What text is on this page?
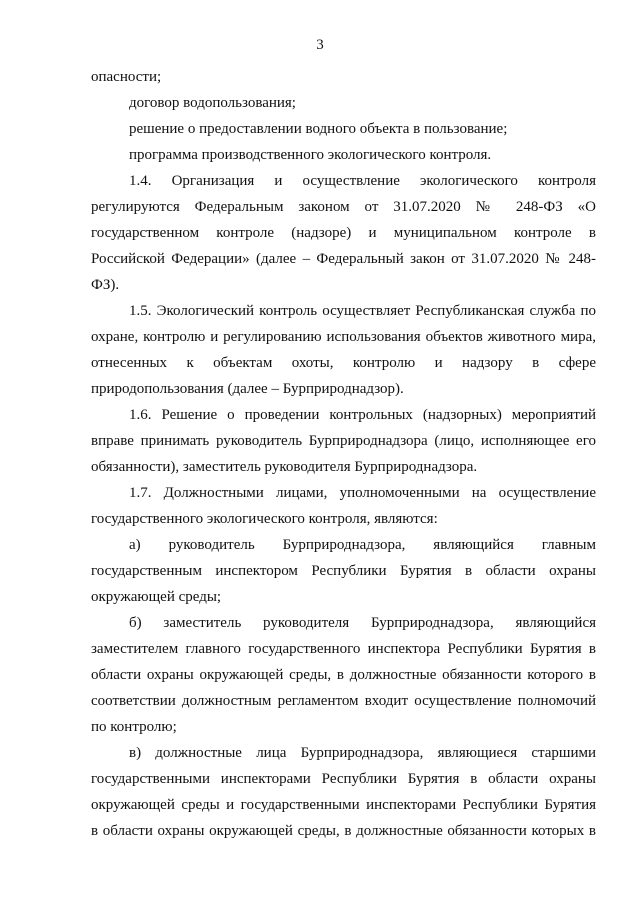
3
опасности;
договор водопользования;
решение о предоставлении водного объекта в пользование;
программа производственного экологического контроля.
1.4. Организация и осуществление экологического контроля
регулируются Федеральным законом от 31.07.2020 № 248-ФЗ «О
государственном контроле (надзоре) и муниципальном контроле в
Российской Федерации» (далее – Федеральный закон от 31.07.2020 № 248-
ФЗ).
1.5. Экологический контроль осуществляет Республиканская служба по
охране, контролю и регулированию использования объектов животного мира,
отнесенных к объектам охоты, контролю и надзору в сфере
природопользования (далее – Бурприроднадзор).
1.6. Решение о проведении контрольных (надзорных) мероприятий
вправе принимать руководитель Бурприроднадзора (лицо, исполняющее его
обязанности), заместитель руководителя Бурприроднадзора.
1.7. Должностными лицами, уполномоченными на осуществление
государственного экологического контроля, являются:
а) руководитель Бурприроднадзора, являющийся главным
государственным инспектором Республики Бурятия в области охраны
окружающей среды;
б) заместитель руководителя Бурприроднадзора, являющийся
заместителем главного государственного инспектора Республики Бурятия в
области охраны окружающей среды, в должностные обязанности которого в
соответствии должностным регламентом входит осуществление полномочий
по контролю;
в) должностные лица Бурприроднадзора, являющиеся старшими
государственными инспекторами Республики Бурятия в области охраны
окружающей среды и государственными инспекторами Республики Бурятия
в области охраны окружающей среды, в должностные обязанности которых в
